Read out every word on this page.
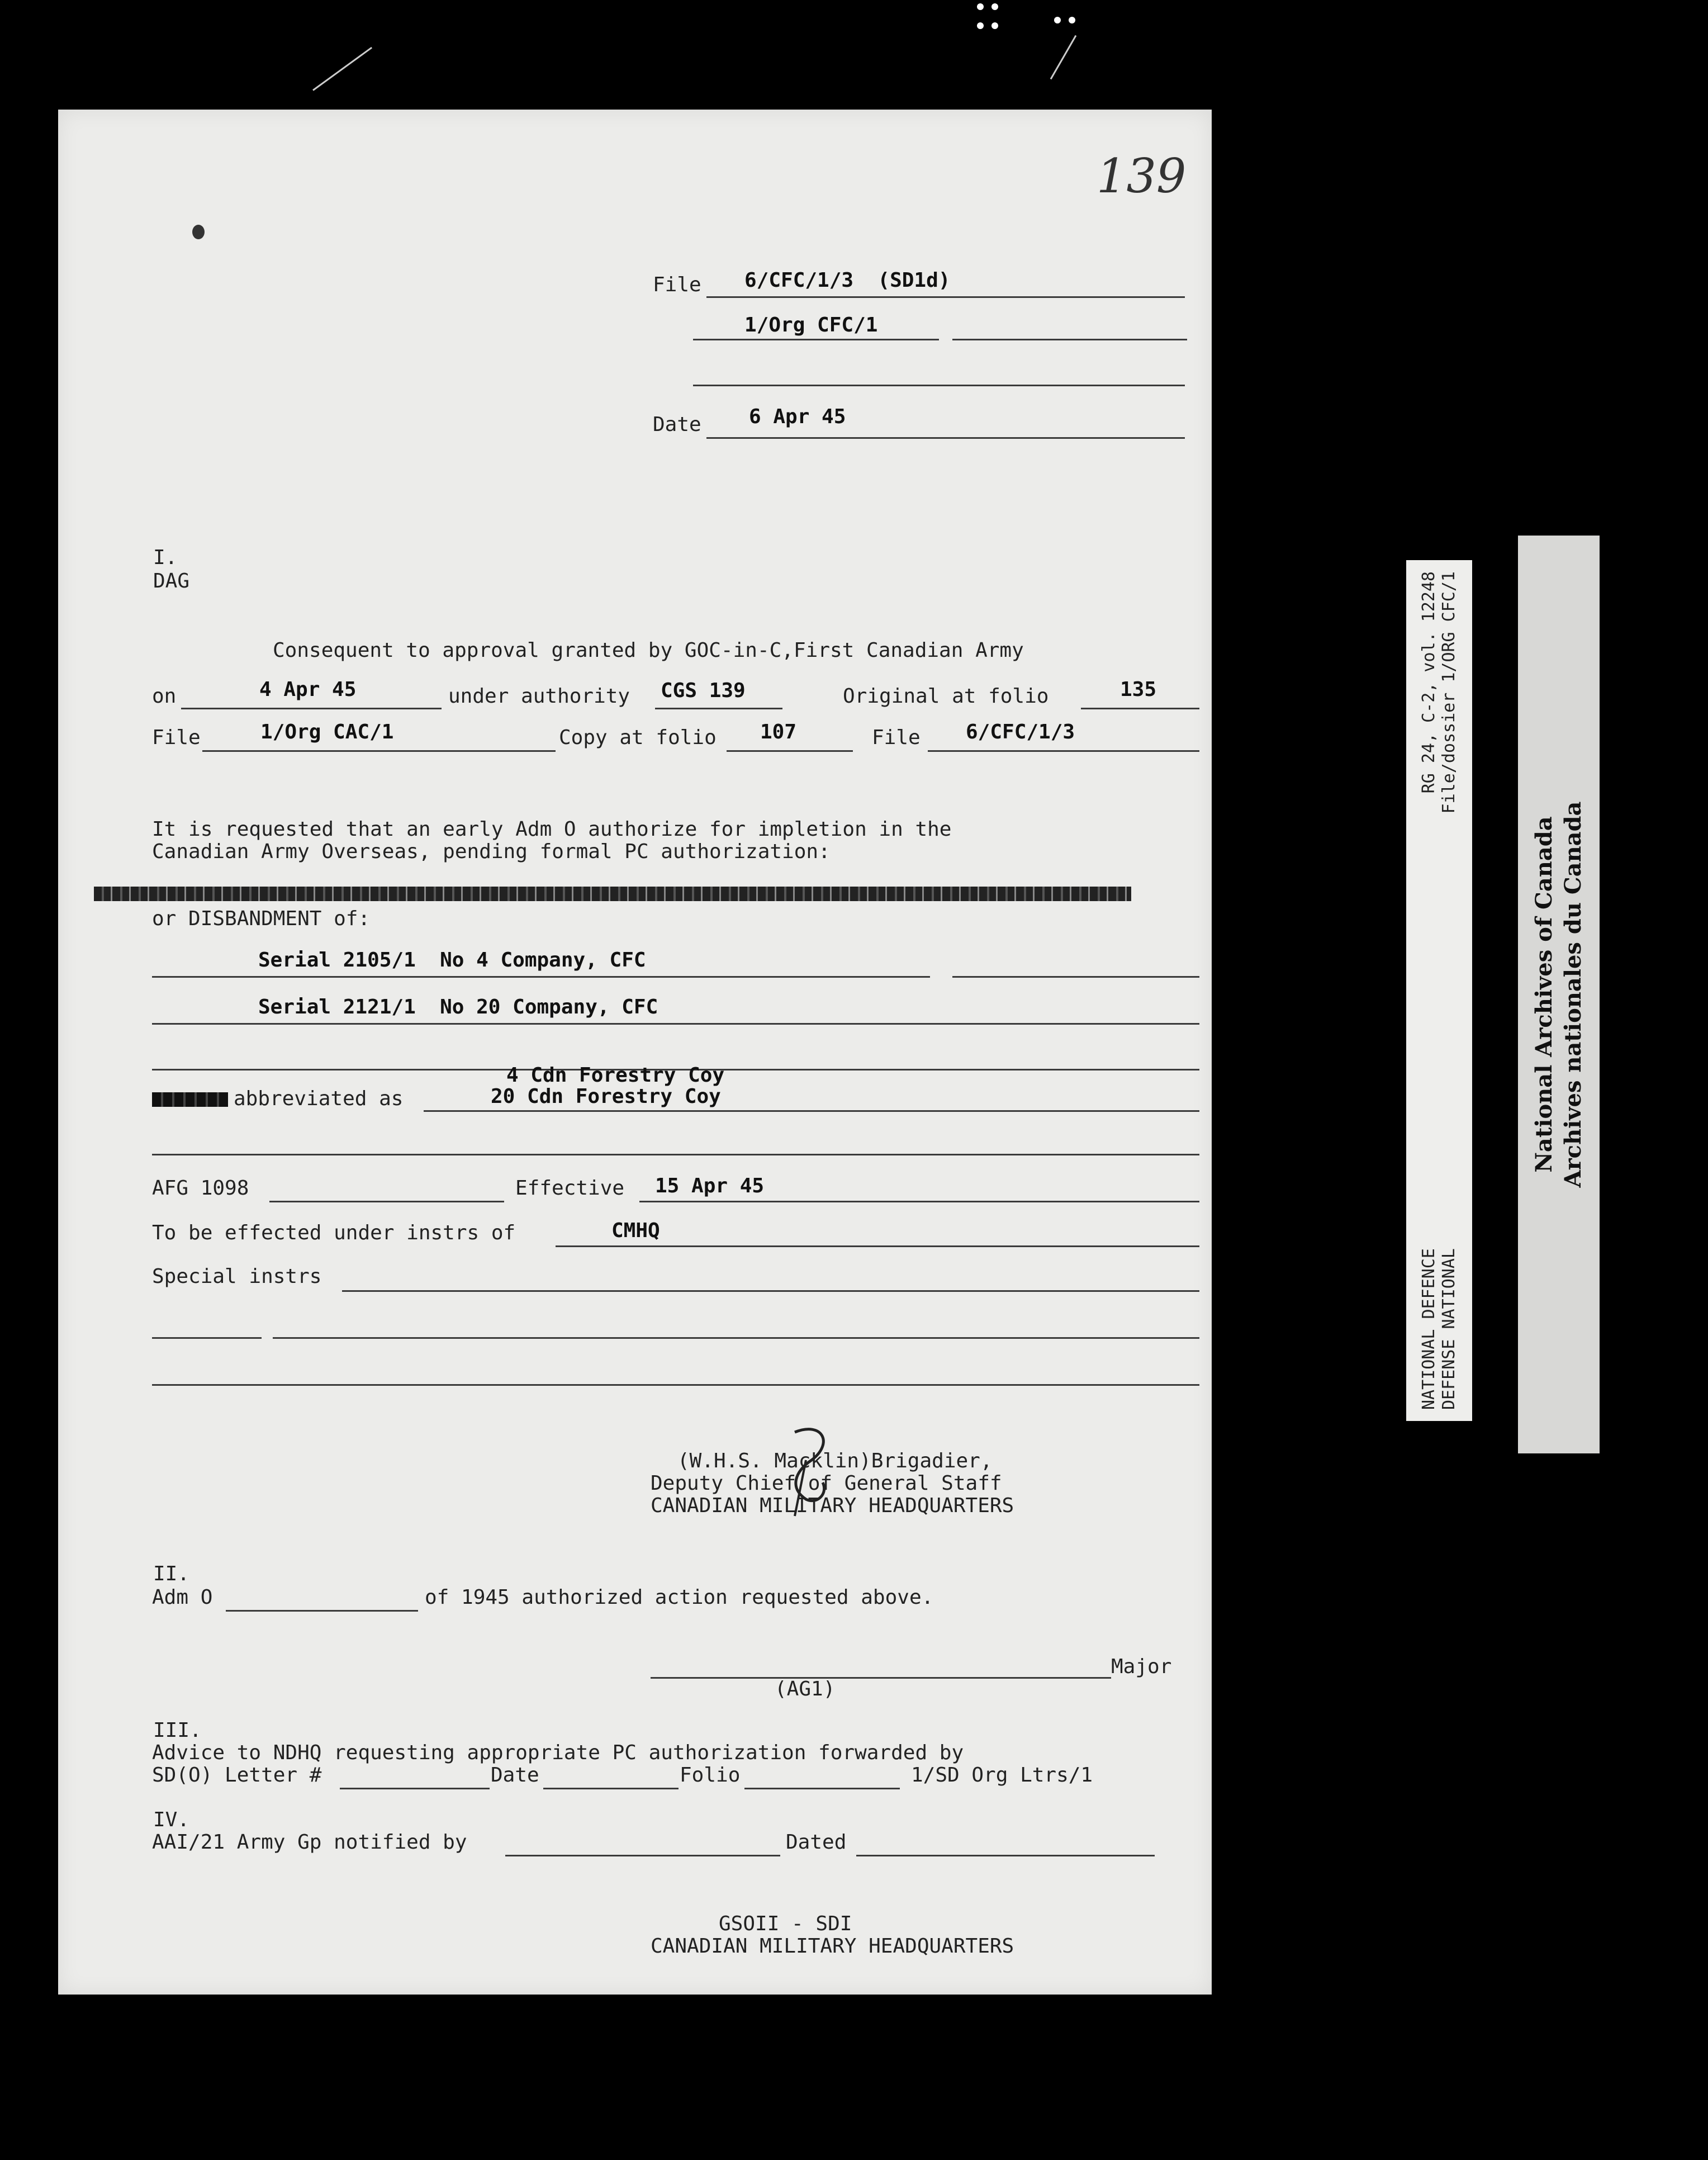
139
File 6/CFC/1/3  (SD1d)
1/Org CFC/1
Date 6 Apr 45
I.
DAG
Consequent to approval granted by GOC-in-C,First Canadian Army
on	4 Apr 45	under authority CGS 139	Original at folio	135
File	1/Org CAC/1	Copy at folio 107	File 6/CFC/1/3
It is requested that an early Adm O authorize for impletion in the
Canadian Army Overseas, pending formal PC authorization:
or DISBANDMENT of:
Serial 2105/1  No 4 Company, CFC
Serial 2121/1  No 20 Company, CFC
4 Cdn Forestry Coy
abbreviated as	20 Cdn Forestry Coy
AFG 1098	Effective 15 Apr 45
To be effected under instrs of	CMHQ
Special instrs
(W.H.S. Macklin)Brigadier,
Deputy Chief of General Staff
CANADIAN MILITARY HEADQUARTERS
II.
Adm O	of 1945 authorized action requested above.
Major
(AG1)
III.
Advice to NDHQ requesting appropriate PC authorization forwarded by
SD(O) Letter #	Date	Folio	1/SD Org Ltrs/1
IV.
AAI/21 Army Gp notified by	Dated
GSOII - SDI
CANADIAN MILITARY HEADQUARTERS
RG 24, C-2, vol. 12248 File/dossier 1/ORG CFC/1
NATIONAL DEFENCE DEFENSE NATIONAL
National Archives of Canada Archives nationales du Canada
